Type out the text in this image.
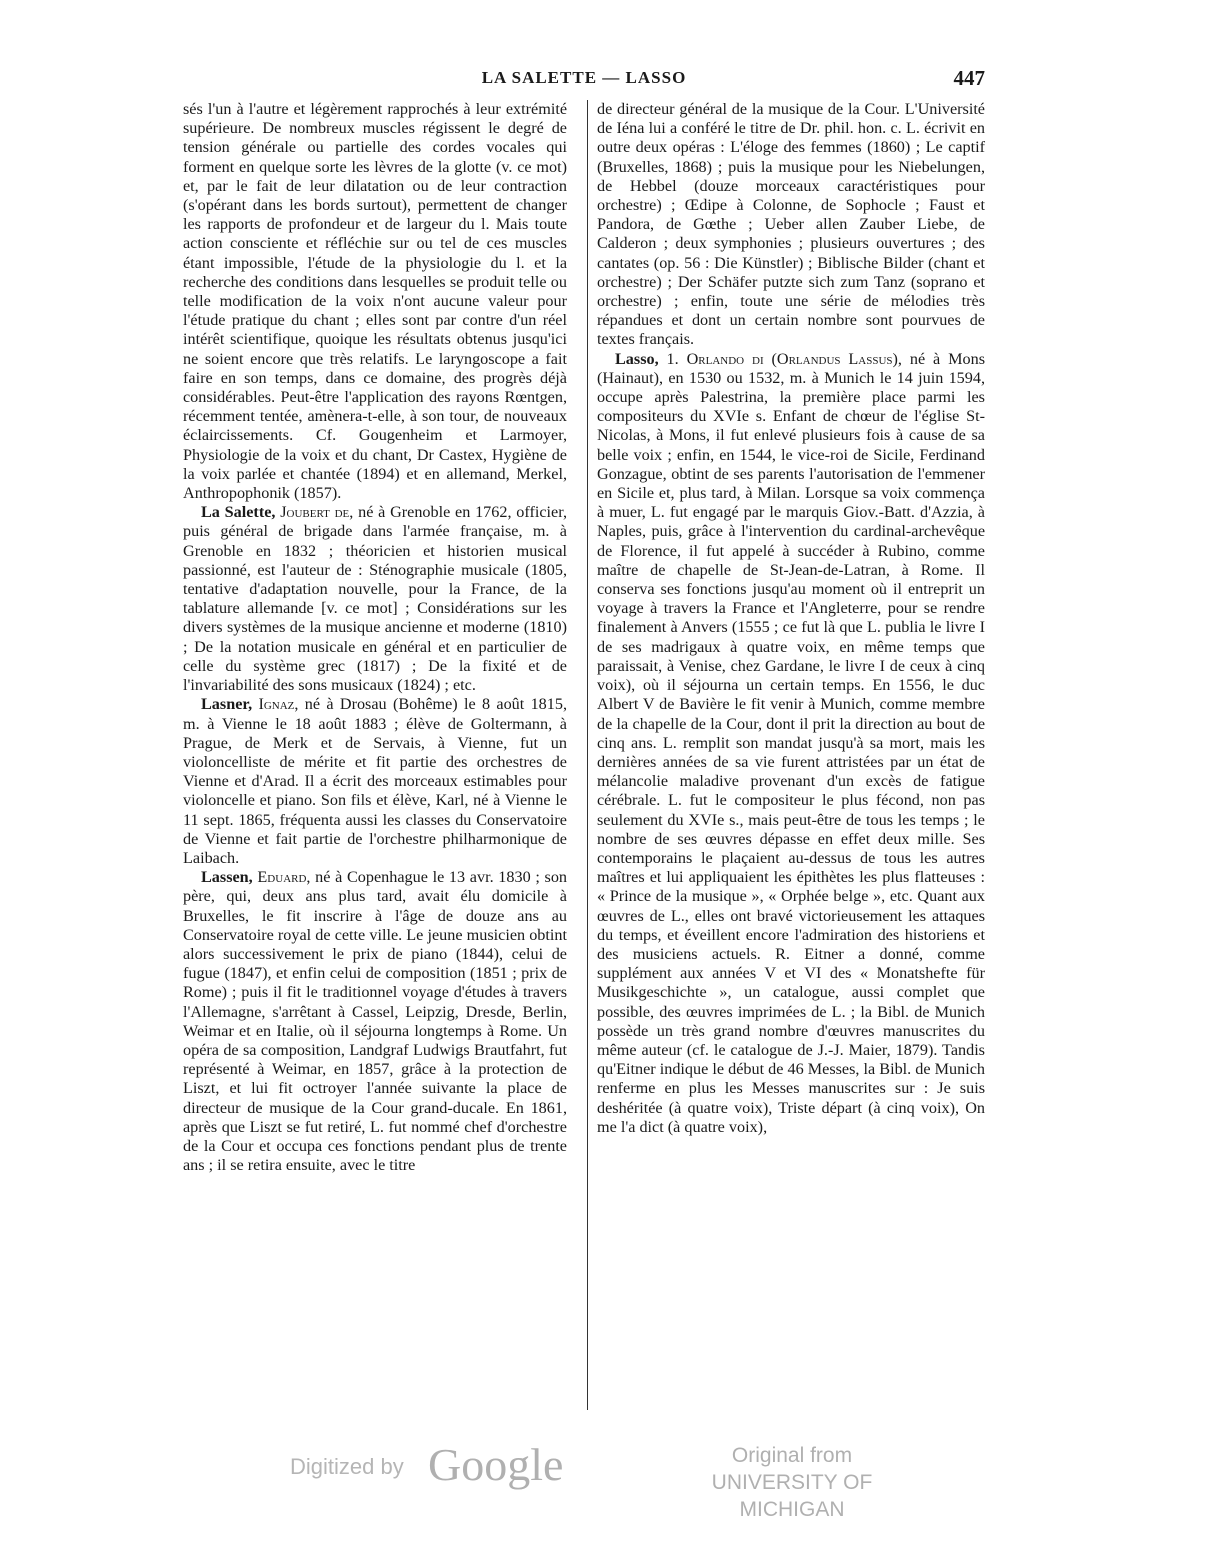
LA SALETTE — LASSO	447

sés l'un à l'autre et légèrement rapprochés à leur extrémité supérieure. De nombreux muscles régissent le degré de tension générale ou partielle des cordes vocales qui forment en quelque sorte les lèvres de la glotte (v. ce mot) et, par le fait de leur dilatation ou de leur contraction (s'opérant dans les bords surtout), permettent de changer les rapports de profondeur et de largeur du l. Mais toute action consciente et réfléchie sur ou tel de ces muscles étant impossible, l'étude de la physiologie du l. et la recherche des conditions dans lesquelles se produit telle ou telle modification de la voix n'ont aucune valeur pour l'étude pratique du chant ; elles sont par contre d'un réel intérêt scientifique, quoique les résultats obtenus jusqu'ici ne soient encore que très relatifs. Le laryngoscope a fait faire en son temps, dans ce domaine, des progrès déjà considérables. Peut-être l'application des rayons Rœntgen, récemment tentée, amènera-t-elle, à son tour, de nouveaux éclaircissements. Cf. Gougenheim et Larmoyer, Physiologie de la voix et du chant, Dr Castex, Hygiène de la voix parlée et chantée (1894) et en allemand, Merkel, Anthropophonik (1857).

La Salette, Joubert de, né à Grenoble en 1762, officier, puis général de brigade dans l'armée française, m. à Grenoble en 1832 ; théoricien et historien musical passionné, est l'auteur de : Sténographie musicale (1805, tentative d'adaptation nouvelle, pour la France, de la tablature allemande [v. ce mot] ; Considérations sur les divers systèmes de la musique ancienne et moderne (1810) ; De la notation musicale en général et en particulier de celle du système grec (1817) ; De la fixité et de l'invariabilité des sons musicaux (1824) ; etc.

Lasner, Ignaz, né à Drosau (Bohême) le 8 août 1815, m. à Vienne le 18 août 1883 ; élève de Goltermann, à Prague, de Merk et de Servais, à Vienne, fut un violoncelliste de mérite et fit partie des orchestres de Vienne et d'Arad. Il a écrit des morceaux estimables pour violoncelle et piano. Son fils et élève, Karl, né à Vienne le 11 sept. 1865, fréquenta aussi les classes du Conservatoire de Vienne et fait partie de l'orchestre philharmonique de Laibach.

Lassen, Eduard, né à Copenhague le 13 avr. 1830 ; son père, qui, deux ans plus tard, avait élu domicile à Bruxelles, le fit inscrire à l'âge de douze ans au Conservatoire royal de cette ville. Le jeune musicien obtint alors successivement le prix de piano (1844), celui de fugue (1847), et enfin celui de composition (1851 ; prix de Rome) ; puis il fit le traditionnel voyage d'études à travers l'Allemagne, s'arrêtant à Cassel, Leipzig, Dresde, Berlin, Weimar et en Italie, où il séjourna longtemps à Rome. Un opéra de sa composition, Landgraf Ludwigs Brautfahrt, fut représenté à Weimar, en 1857, grâce à la protection de Liszt, et lui fit octroyer l'année suivante la place de directeur de musique de la Cour grand-ducale. En 1861, après que Liszt se fut retiré, L. fut nommé chef d'orchestre de la Cour et occupa ces fonctions pendant plus de trente ans ; il se retira ensuite, avec le titre

de directeur général de la musique de la Cour. L'Université de Iéna lui a conféré le titre de Dr. phil. hon. c. L. écrivit en outre deux opéras : L'éloge des femmes (1860) ; Le captif (Bruxelles, 1868) ; puis la musique pour les Niebelungen, de Hebbel (douze morceaux caractéristiques pour orchestre) ; Œdipe à Colonne, de Sophocle ; Faust et Pandora, de Gœthe ; Ueber allen Zauber Liebe, de Calderon ; deux symphonies ; plusieurs ouvertures ; des cantates (op. 56 : Die Künstler) ; Biblische Bilder (chant et orchestre) ; Der Schäfer putzte sich zum Tanz (soprano et orchestre) ; enfin, toute une série de mélodies très répandues et dont un certain nombre sont pourvues de textes français.

Lasso, 1. Orlando di (Orlandus Lassus), né à Mons (Hainaut), en 1530 ou 1532, m. à Munich le 14 juin 1594, occupe après Palestrina, la première place parmi les compositeurs du XVIe s. Enfant de chœur de l'église St-Nicolas, à Mons, il fut enlevé plusieurs fois à cause de sa belle voix ; enfin, en 1544, le vice-roi de Sicile, Ferdinand Gonzague, obtint de ses parents l'autorisation de l'emmener en Sicile et, plus tard, à Milan. Lorsque sa voix commença à muer, L. fut engagé par le marquis Giov.-Batt. d'Azzia, à Naples, puis, grâce à l'intervention du cardinal-archevêque de Florence, il fut appelé à succéder à Rubino, comme maître de chapelle de St-Jean-de-Latran, à Rome. Il conserva ses fonctions jusqu'au moment où il entreprit un voyage à travers la France et l'Angleterre, pour se rendre finalement à Anvers (1555 ; ce fut là que L. publia le livre I de ses madrigaux à quatre voix, en même temps que paraissait, à Venise, chez Gardane, le livre I de ceux à cinq voix), où il séjourna un certain temps. En 1556, le duc Albert V de Bavière le fit venir à Munich, comme membre de la chapelle de la Cour, dont il prit la direction au bout de cinq ans. L. remplit son mandat jusqu'à sa mort, mais les dernières années de sa vie furent attristées par un état de mélancolie maladive provenant d'un excès de fatigue cérébrale. L. fut le compositeur le plus fécond, non pas seulement du XVIe s., mais peut-être de tous les temps ; le nombre de ses œuvres dépasse en effet deux mille. Ses contemporains le plaçaient au-dessus de tous les autres maîtres et lui appliquaient les épithètes les plus flatteuses : « Prince de la musique », « Orphée belge », etc. Quant aux œuvres de L., elles ont bravé victorieusement les attaques du temps, et éveillent encore l'admiration des historiens et des musiciens actuels. R. Eitner a donné, comme supplément aux années V et VI des « Monatshefte für Musikgeschichte », un catalogue, aussi complet que possible, des œuvres imprimées de L. ; la Bibl. de Munich possède un très grand nombre d'œuvres manuscrites du même auteur (cf. le catalogue de J.-J. Maier, 1879). Tandis qu'Eitner indique le début de 46 Messes, la Bibl. de Munich renferme en plus les Messes manuscrites sur : Je suis deshéritée (à quatre voix), Triste départ (à cinq voix), On me l'a dict (à quatre voix),

Digitized by Google	Original from
UNIVERSITY OF MICHIGAN
